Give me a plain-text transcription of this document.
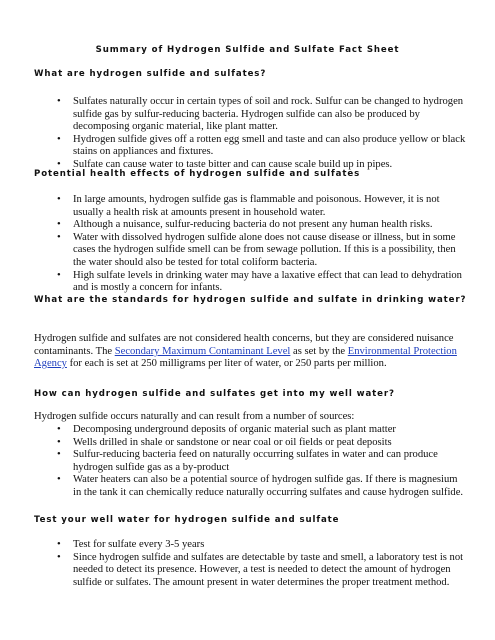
Summary of Hydrogen Sulfide and Sulfate Fact Sheet
What are hydrogen sulfide and sulfates?
• Sulfates naturally occur in certain types of soil and rock. Sulfur can be changed to hydrogen sulfide gas by sulfur-reducing bacteria. Hydrogen sulfide can also be produced by decomposing organic material, like plant matter.
• Hydrogen sulfide gives off a rotten egg smell and taste and can also produce yellow or black stains on appliances and fixtures.
• Sulfate can cause water to taste bitter and can cause scale build up in pipes.
Potential health effects of hydrogen sulfide and sulfates
• In large amounts, hydrogen sulfide gas is flammable and poisonous. However, it is not usually a health risk at amounts present in household water.
• Although a nuisance, sulfur-reducing bacteria do not present any human health risks.
• Water with dissolved hydrogen sulfide alone does not cause disease or illness, but in some cases the hydrogen sulfide smell can be from sewage pollution. If this is a possibility, then the water should also be tested for total coliform bacteria.
• High sulfate levels in drinking water may have a laxative effect that can lead to dehydration and is mostly a concern for infants.
What are the standards for hydrogen sulfide and sulfate in drinking water?

Hydrogen sulfide and sulfates are not considered health concerns, but they are considered nuisance contaminants. The Secondary Maximum Contaminant Level as set by the Environmental Protection Agency for each is set at 250 milligrams per liter of water, or 250 parts per million.

How can hydrogen sulfide and sulfates get into my well water?

Hydrogen sulfide occurs naturally and can result from a number of sources:

• Decomposing underground deposits of organic material such as plant matter
• Wells drilled in shale or sandstone or near coal or oil fields or peat deposits
• Sulfur-reducing bacteria feed on naturally occurring sulfates in water and can produce hydrogen sulfide gas as a by-product
• Water heaters can also be a potential source of hydrogen sulfide gas. If there is magnesium in the tank it can chemically reduce naturally occurring sulfates and cause hydrogen sulfide.
Test your well water for hydrogen sulfide and sulfate
• Test for sulfate every 3-5 years
• Since hydrogen sulfide and sulfates are detectable by taste and smell, a laboratory test is not needed to detect its presence. However, a test is needed to detect the amount of hydrogen sulfide or sulfates. The amount present in water determines the proper treatment method.
